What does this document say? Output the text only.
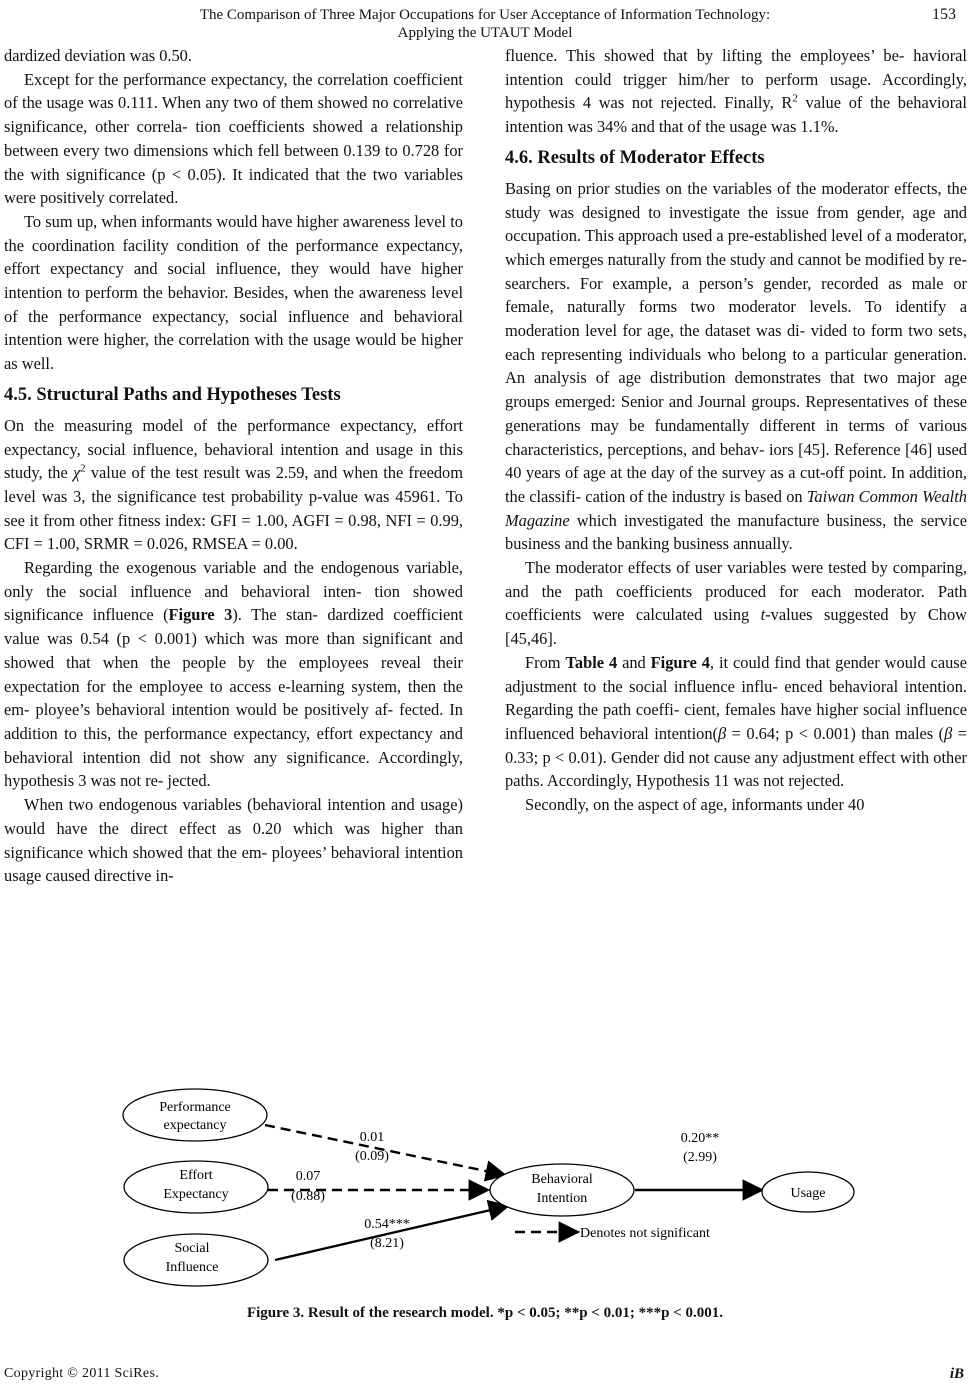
The Comparison of Three Major Occupations for User Acceptance of Information Technology:
Applying the UTAUT Model
153

dardized deviation was 0.50.

Except for the performance expectancy, the correlation coefficient of the usage was 0.111. When any two of them showed no correlative significance, other correla- tion coefficients showed a relationship between every two dimensions which fell between 0.139 to 0.728 for the with significance (p < 0.05). It indicated that the two variables were positively correlated.

To sum up, when informants would have higher awareness level to the coordination facility condition of the performance expectancy, effort expectancy and social influence, they would have higher intention to perform the behavior. Besides, when the awareness level of the performance expectancy, social influence and behavioral intention were higher, the correlation with the usage would be higher as well.

4.5. Structural Paths and Hypotheses Tests

On the measuring model of the performance expectancy, effort expectancy, social influence, behavioral intention and usage in this study, the $\chi^2$ value of the test result was 2.59, and when the freedom level was 3, the significance test probability p-value was 45961. To see it from other fitness index: GFI = 1.00, AGFI = 0.98, NFI = 0.99, CFI = 1.00, SRMR = 0.026, RMSEA = 0.00.

Regarding the exogenous variable and the endogenous variable, only the social influence and behavioral inten- tion showed significance influence (Figure 3). The stan- dardized coefficient value was 0.54 (p < 0.001) which was more than significant and showed that when the people by the employees reveal their expectation for the employee to access e-learning system, then the em- ployee’s behavioral intention would be positively af- fected. In addition to this, the performance expectancy, effort expectancy and behavioral intention did not show any significance. Accordingly, hypothesis 3 was not re- jected.

When two endogenous variables (behavioral intention and usage) would have the direct effect as 0.20 which was higher than significance which showed that the em- ployees’ behavioral intention usage caused directive in-

fluence. This showed that by lifting the employees’ be- havioral intention could trigger him/her to perform usage. Accordingly, hypothesis 4 was not rejected. Finally, $R^2$ value of the behavioral intention was 34% and that of the usage was 1.1%.

4.6. Results of Moderator Effects

Basing on prior studies on the variables of the moderator effects, the study was designed to investigate the issue from gender, age and occupation. This approach used a pre-established level of a moderator, which emerges naturally from the study and cannot be modified by re- searchers. For example, a person’s gender, recorded as male or female, naturally forms two moderator levels. To identify a moderation level for age, the dataset was di- vided to form two sets, each representing individuals who belong to a particular generation. An analysis of age distribution demonstrates that two major age groups emerged: Senior and Journal groups. Representatives of these generations may be fundamentally different in terms of various characteristics, perceptions, and behav- iors [45]. Reference [46] used 40 years of age at the day of the survey as a cut-off point. In addition, the classifi- cation of the industry is based on Taiwan Common Wealth Magazine which investigated the manufacture business, the service business and the banking business annually.

The moderator effects of user variables were tested by comparing, and the path coefficients produced for each moderator. Path coefficients were calculated using t-values suggested by Chow [45,46].

From Table 4 and Figure 4, it could find that gender would cause adjustment to the social influence influ- enced behavioral intention. Regarding the path coeffi- cient, females have higher social influence influenced behavioral intention(β = 0.64; p < 0.001) than males (β = 0.33; p < 0.01). Gender did not cause any adjustment effect with other paths. Accordingly, Hypothesis 11 was not rejected.

Secondly, on the aspect of age, informants under 40

Performance
expectancy
Effort
Expectancy
Social
Influence
Behavioral
Intention	Usage
0.01
(0.09)
0.07
(0.88)
0.54***
(8.21)
0.20**
(2.99)
Denotes not significant
Figure 3. Result of the research model. *p < 0.05; **p < 0.01; ***p < 0.001.
Copyright © 2011 SciRes.	iB
